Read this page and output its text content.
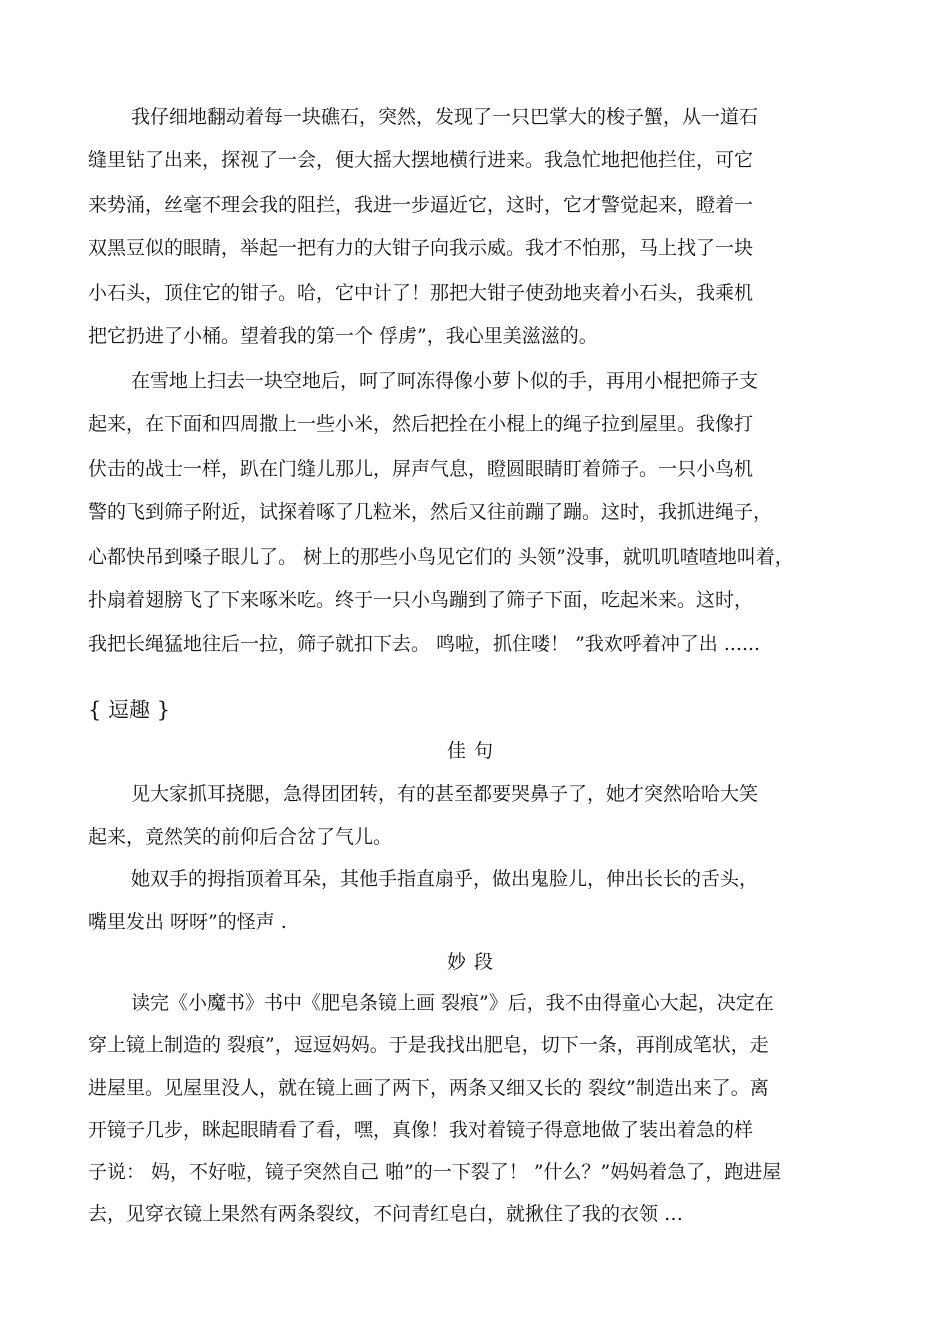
我仔细地翻动着每一块礁石，突然，发现了一只巴掌大的梭子蟹，从一道石
缝里钻了出来，探视了一会，便大摇大摆地横行进来。我急忙地把他拦住，可它
来势涌，丝毫不理会我的阻拦，我进一步逼近它，这时，它才警觉起来，瞪着一
双黑豆似的眼睛，举起一把有力的大钳子向我示威。我才不怕那，马上找了一块
小石头，顶住它的钳子。哈，它中计了！那把大钳子使劲地夹着小石头，我乘机
把它扔进了小桶。望着我的第一个 俘虏”，我心里美滋滋的。
在雪地上扫去一块空地后，呵了呵冻得像小萝卜似的手，再用小棍把筛子支
起来，在下面和四周撒上一些小米，然后把拴在小棍上的绳子拉到屋里。我像打
伏击的战士一样，趴在门缝儿那儿，屏声气息，瞪圆眼睛盯着筛子。一只小鸟机
警的飞到筛子附近，试探着啄了几粒米，然后又往前蹦了蹦。这时，我抓进绳子，
心都快吊到嗓子眼儿了。 树上的那些小鸟见它们的 头领”没事，就叽叽喳喳地叫着，
扑扇着翅膀飞了下来啄米吃。终于一只小鸟蹦到了筛子下面，吃起米来。这时，
我把长绳猛地往后一拉，筛子就扣下去。 鸣啦，抓住喽！ ”我欢呼着冲了出 ......
{ 逗趣 }
佳 句
见大家抓耳挠腮，急得团团转，有的甚至都要哭鼻子了，她才突然哈哈大笑
起来，竟然笑的前仰后合岔了气儿。
她双手的拇指顶着耳朵，其他手指直扇乎，做出鬼脸儿，伸出长长的舌头，
嘴里发出 呀呀”的怪声 .
妙 段
读完《小魔书》书中《肥皂条镜上画 裂痕”》后，我不由得童心大起，决定在
穿上镜上制造的 裂痕”，逗逗妈妈。于是我找出肥皂，切下一条，再削成笔状，走
进屋里。见屋里没人，就在镜上画了两下，两条又细又长的 裂纹”制造出来了。离
开镜子几步，眯起眼睛看了看，嘿，真像！我对着镜子得意地做了装出着急的样
子说： 妈，不好啦，镜子突然自己 啪”的一下裂了！ ”什么？”妈妈着急了，跑进屋
去，见穿衣镜上果然有两条裂纹，不问青红皂白，就揪住了我的衣领 …
